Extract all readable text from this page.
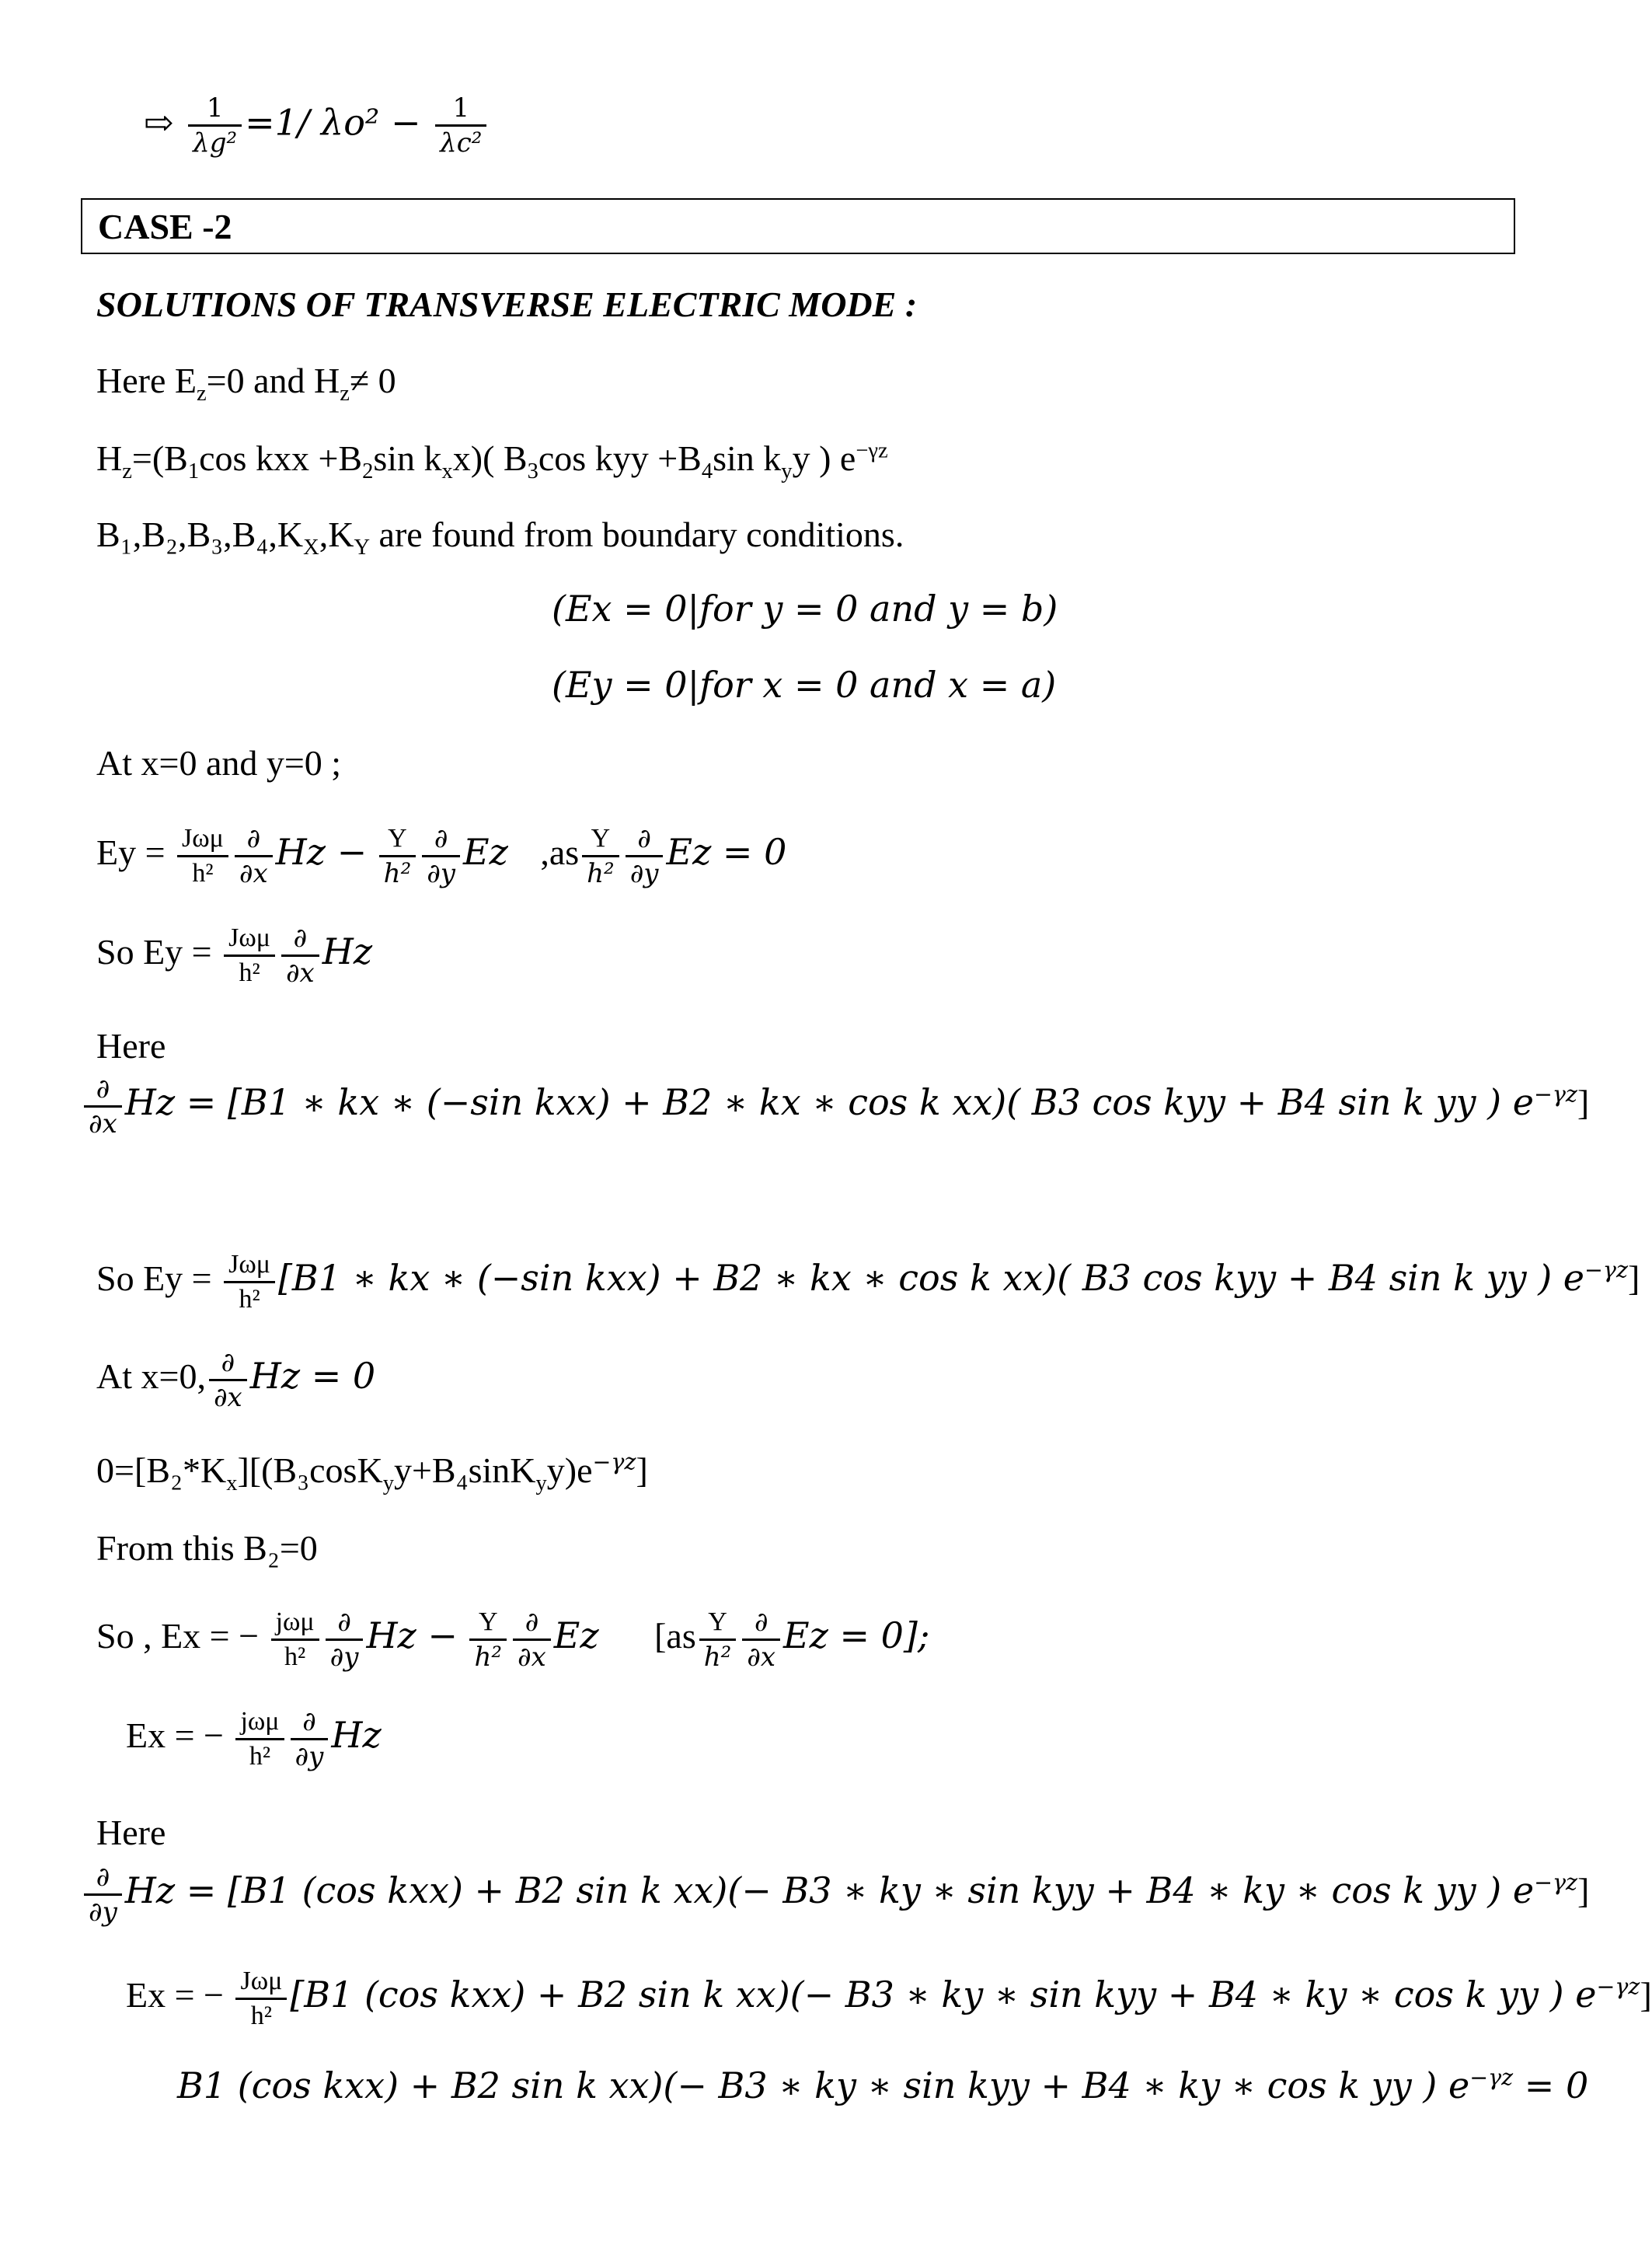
⇨ $\frac{1}{\text{λg²}} =1/$ $\lambda o^2 - \frac{1}{\text{λc²}}$
CASE -2
SOLUTIONS OF TRANSVERSE ELECTRIC MODE :
Here $E_z=0$ and $H_z\ne 0$
$H_z=(B_1\cos$ kxx $+B_2\sin$ $k_xx$)( $B_3\cos$ kyy $+B_4\sin$ $k_yy$ ) $e^{-\gamma z}$
$B_1,B_2,B_3,B_4,K_X,K_Y$ are found from boundary conditions.
(Ex = 0|for y = 0 and y = b)
(Ey = 0|for x = 0 and x = a)
At x=0 and y=0 ;
$Ey = \frac{\text{Jωμ}}{\text{h²}} \frac{\partial}{\partial x}$ $Hz - \frac{\Upsilon}{\text{h²}} \frac{\partial}{\partial y}$ Ez $,as \frac{\Upsilon}{\text{h²}} \frac{\partial}{\partial y}$ Ez = 0
So $Ey = \frac{\text{Jωμ}}{\text{h²}} \frac{\partial}{\partial x}$ Hz
Here
$\frac{\partial}{\partial x}$ Hz = [B1 ∗ kx ∗ (−sin kxx) + B2 ∗ kx ∗ cos k xx)( B3 cos kyy + B4 sin k yy ) $e^{-\gamma z}$]
So $Ey = \frac{\text{Jωμ}}{\text{h²}} [B1$ ∗ kx ∗ (−sin kxx) + B2 ∗ kx ∗ cos k xx)( B3 cos kyy + B4 sin k yy ) $e^{-\gamma z}$]
At x=0, $\frac{\partial}{\partial x}$ Hz = 0
$0=[B_2*K_x][(B_3\cos K_yy+B_4\sin K_yy)e^{-\gamma z}]$
From this B₂=0
So , Ex = − $\frac{\text{jωμ}}{\text{h²}} \frac{\partial}{\partial y}$ $Hz - \frac{\Upsilon}{\text{h²}} \frac{\partial}{\partial x}$ Ez [$as \frac{\Upsilon}{\text{h²}} \frac{\partial}{\partial x}$ Ez = 0];
Ex = − $\frac{\text{jωμ}}{\text{h²}} \frac{\partial}{\partial y}$ Hz
Here
$\frac{\partial}{\partial y}$ Hz = [B1 (cos kxx) + B2 sin k xx)(− B3 ∗ ky ∗ sin kyy + B4 ∗ ky ∗ cos k yy ) $e^{-\gamma z}$]
Ex = − $\frac{\text{Jωμ}}{\text{h²}} [B1$ (cos kxx) + B2 sin k xx)(− B3 ∗ ky ∗ sin kyy + B4 ∗ ky ∗ cos k yy ) $e^{-\gamma z}$]
B1 (cos kxx) + B2 sin k xx)(− B3 ∗ ky ∗ sin kyy + B4 ∗ ky ∗ cos k yy ) $e^{-\gamma z} = 0$
